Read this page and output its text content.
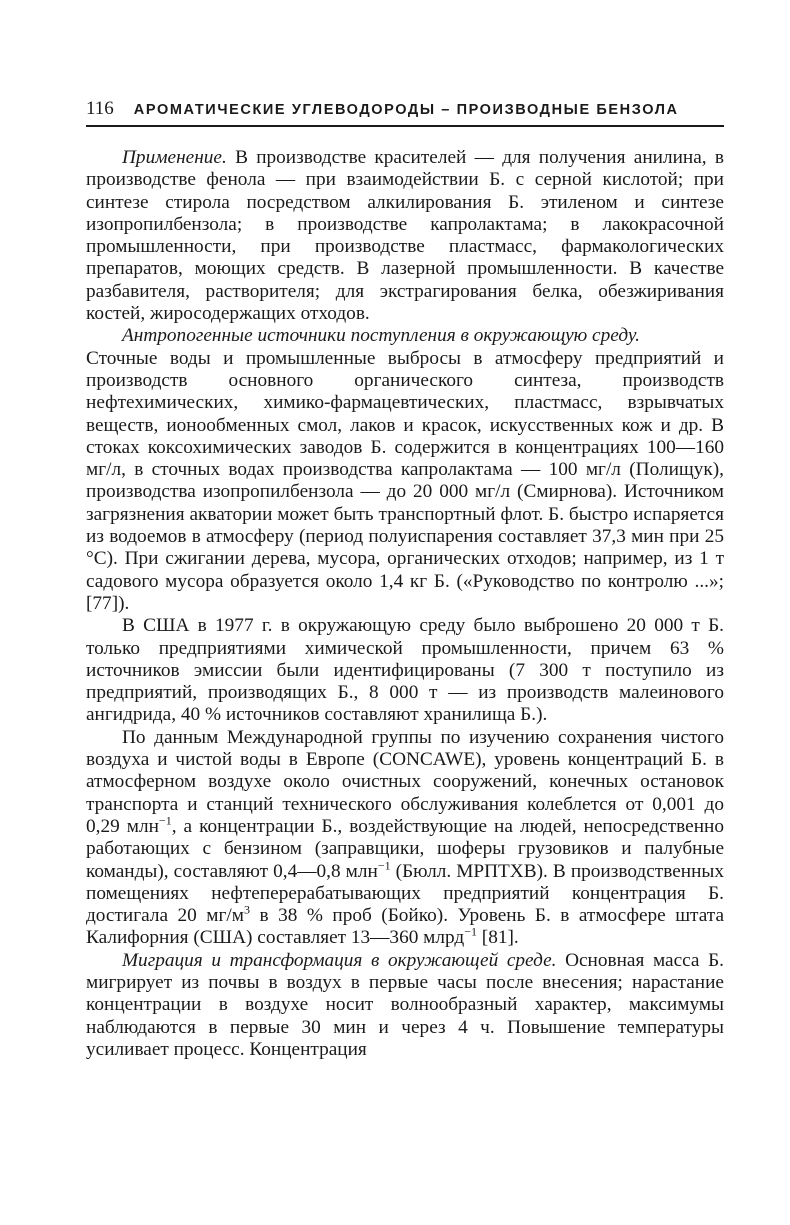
116 АРОМАТИЧЕСКИЕ УГЛЕВОДОРОДЫ – ПРОИЗВОДНЫЕ БЕНЗОЛА

Применение. В производстве красителей — для получения анилина, в производстве фенола — при взаимодействии Б. с серной кислотой; при синтезе стирола посредством алкилирования Б. этиленом и синтезе изопропилбензола; в производстве капролактама; в лакокрасочной промышленности, при производстве пластмасс, фармакологических препаратов, моющих средств. В лазерной промышленности. В качестве разбавителя, растворителя; для экстрагирования белка, обезжиривания костей, жиросодержащих отходов.

Антропогенные источники поступления в окружающую среду.

Сточные воды и промышленные выбросы в атмосферу предприятий и производств основного органического синтеза, производств нефтехимических, химико-фармацевтических, пластмасс, взрывчатых веществ, ионообменных смол, лаков и красок, искусственных кож и др. В стоках коксохимических заводов Б. содержится в концентрациях 100—160 мг/л, в сточных водах производства капролактама — 100 мг/л (Полищук), производства изопропилбензола — до 20 000 мг/л (Смирнова). Источником загрязнения акватории может быть транспортный флот. Б. быстро испаряется из водоемов в атмосферу (период полуиспарения составляет 37,3 мин при 25 °С). При сжигании дерева, мусора, органических отходов; например, из 1 т садового мусора образуется около 1,4 кг Б. («Руководство по контролю ...»; [77]).

В США в 1977 г. в окружающую среду было выброшено 20 000 т Б. только предприятиями химической промышленности, причем 63 % источников эмиссии были идентифицированы (7 300 т поступило из предприятий, производящих Б., 8 000 т — из производств малеинового ангидрида, 40 % источников составляют хранилища Б.).

По данным Международной группы по изучению сохранения чистого воздуха и чистой воды в Европе (CONCAWE), уровень концентраций Б. в атмосферном воздухе около очистных сооружений, конечных остановок транспорта и станций технического обслуживания колеблется от 0,001 до 0,29 млн$^{-1}$, а концентрации Б., воздействующие на людей, непосредственно работающих с бензином (заправщики, шоферы грузовиков и палубные команды), составляют 0,4—0,8 млн$^{-1}$ (Бюлл. МРПТХВ). В производственных помещениях нефтеперерабатывающих предприятий концентрация Б. достигала 20 $мг/м^3$ в 38 % проб (Бойко). Уровень Б. в атмосфере штата Калифорния (США) составляет 13—360 млрд$^{-1}$ [81].

Миграция и трансформация в окружающей среде. Основная масса Б. мигрирует из почвы в воздух в первые часы после внесения; нарастание концентрации в воздухе носит волнообразный характер, максимумы наблюдаются в первые 30 мин и через 4 ч. Повышение температуры усиливает процесс. Концентрация
